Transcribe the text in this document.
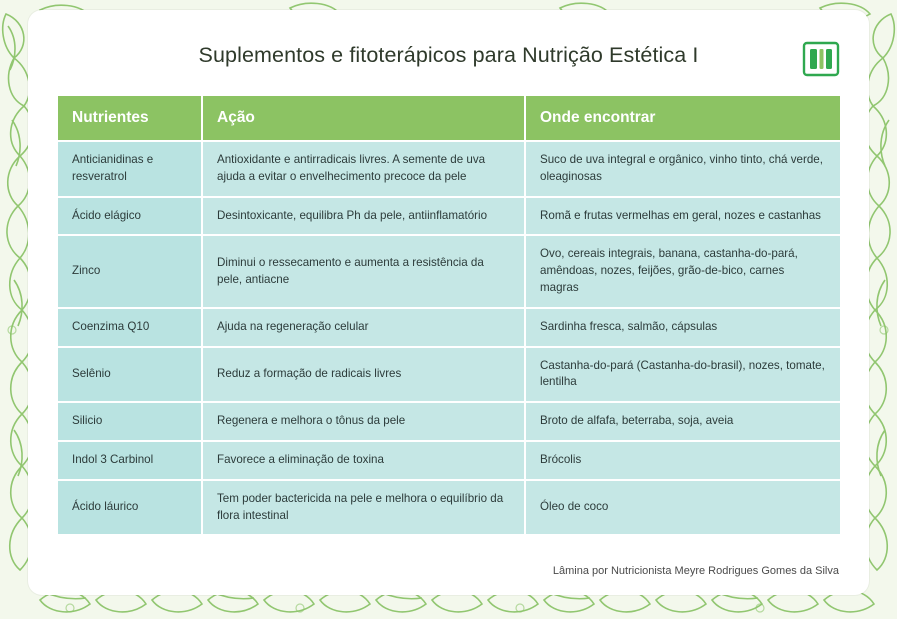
Suplementos e fitoterápicos para Nutrição Estética I
Nutrientes	Ação	Onde encontrar
Anticianidinas e resveratrol	Antioxidante e antirradicais livres. A semente de uva ajuda a evitar o envelhecimento precoce da pele	Suco de uva integral e orgânico, vinho tinto, chá verde, oleaginosas
Ácido elágico	Desintoxicante, equilibra Ph da pele, antiinflamatório	Romã e frutas vermelhas em geral, nozes e castanhas
Zinco	Diminui o ressecamento e aumenta a resistência da pele, antiacne	Ovo, cereais integrais, banana, castanha-do-pará, amêndoas, nozes, feijões, grão-de-bico, carnes magras
Coenzima Q10	Ajuda na regeneração celular	Sardinha fresca, salmão, cápsulas
Selênio	Reduz a formação de radicais livres	Castanha-do-pará (Castanha-do-brasil), nozes, tomate, lentilha
Silicio	Regenera e melhora o tônus da pele	Broto de alfafa, beterraba, soja, aveia
Indol 3 Carbinol	Favorece a eliminação de toxina	Brócolis
Ácido láurico	Tem poder bactericida na pele e melhora o equilíbrio da flora intestinal	Óleo de coco
Lâmina por Nutricionista Meyre Rodrigues Gomes da Silva
